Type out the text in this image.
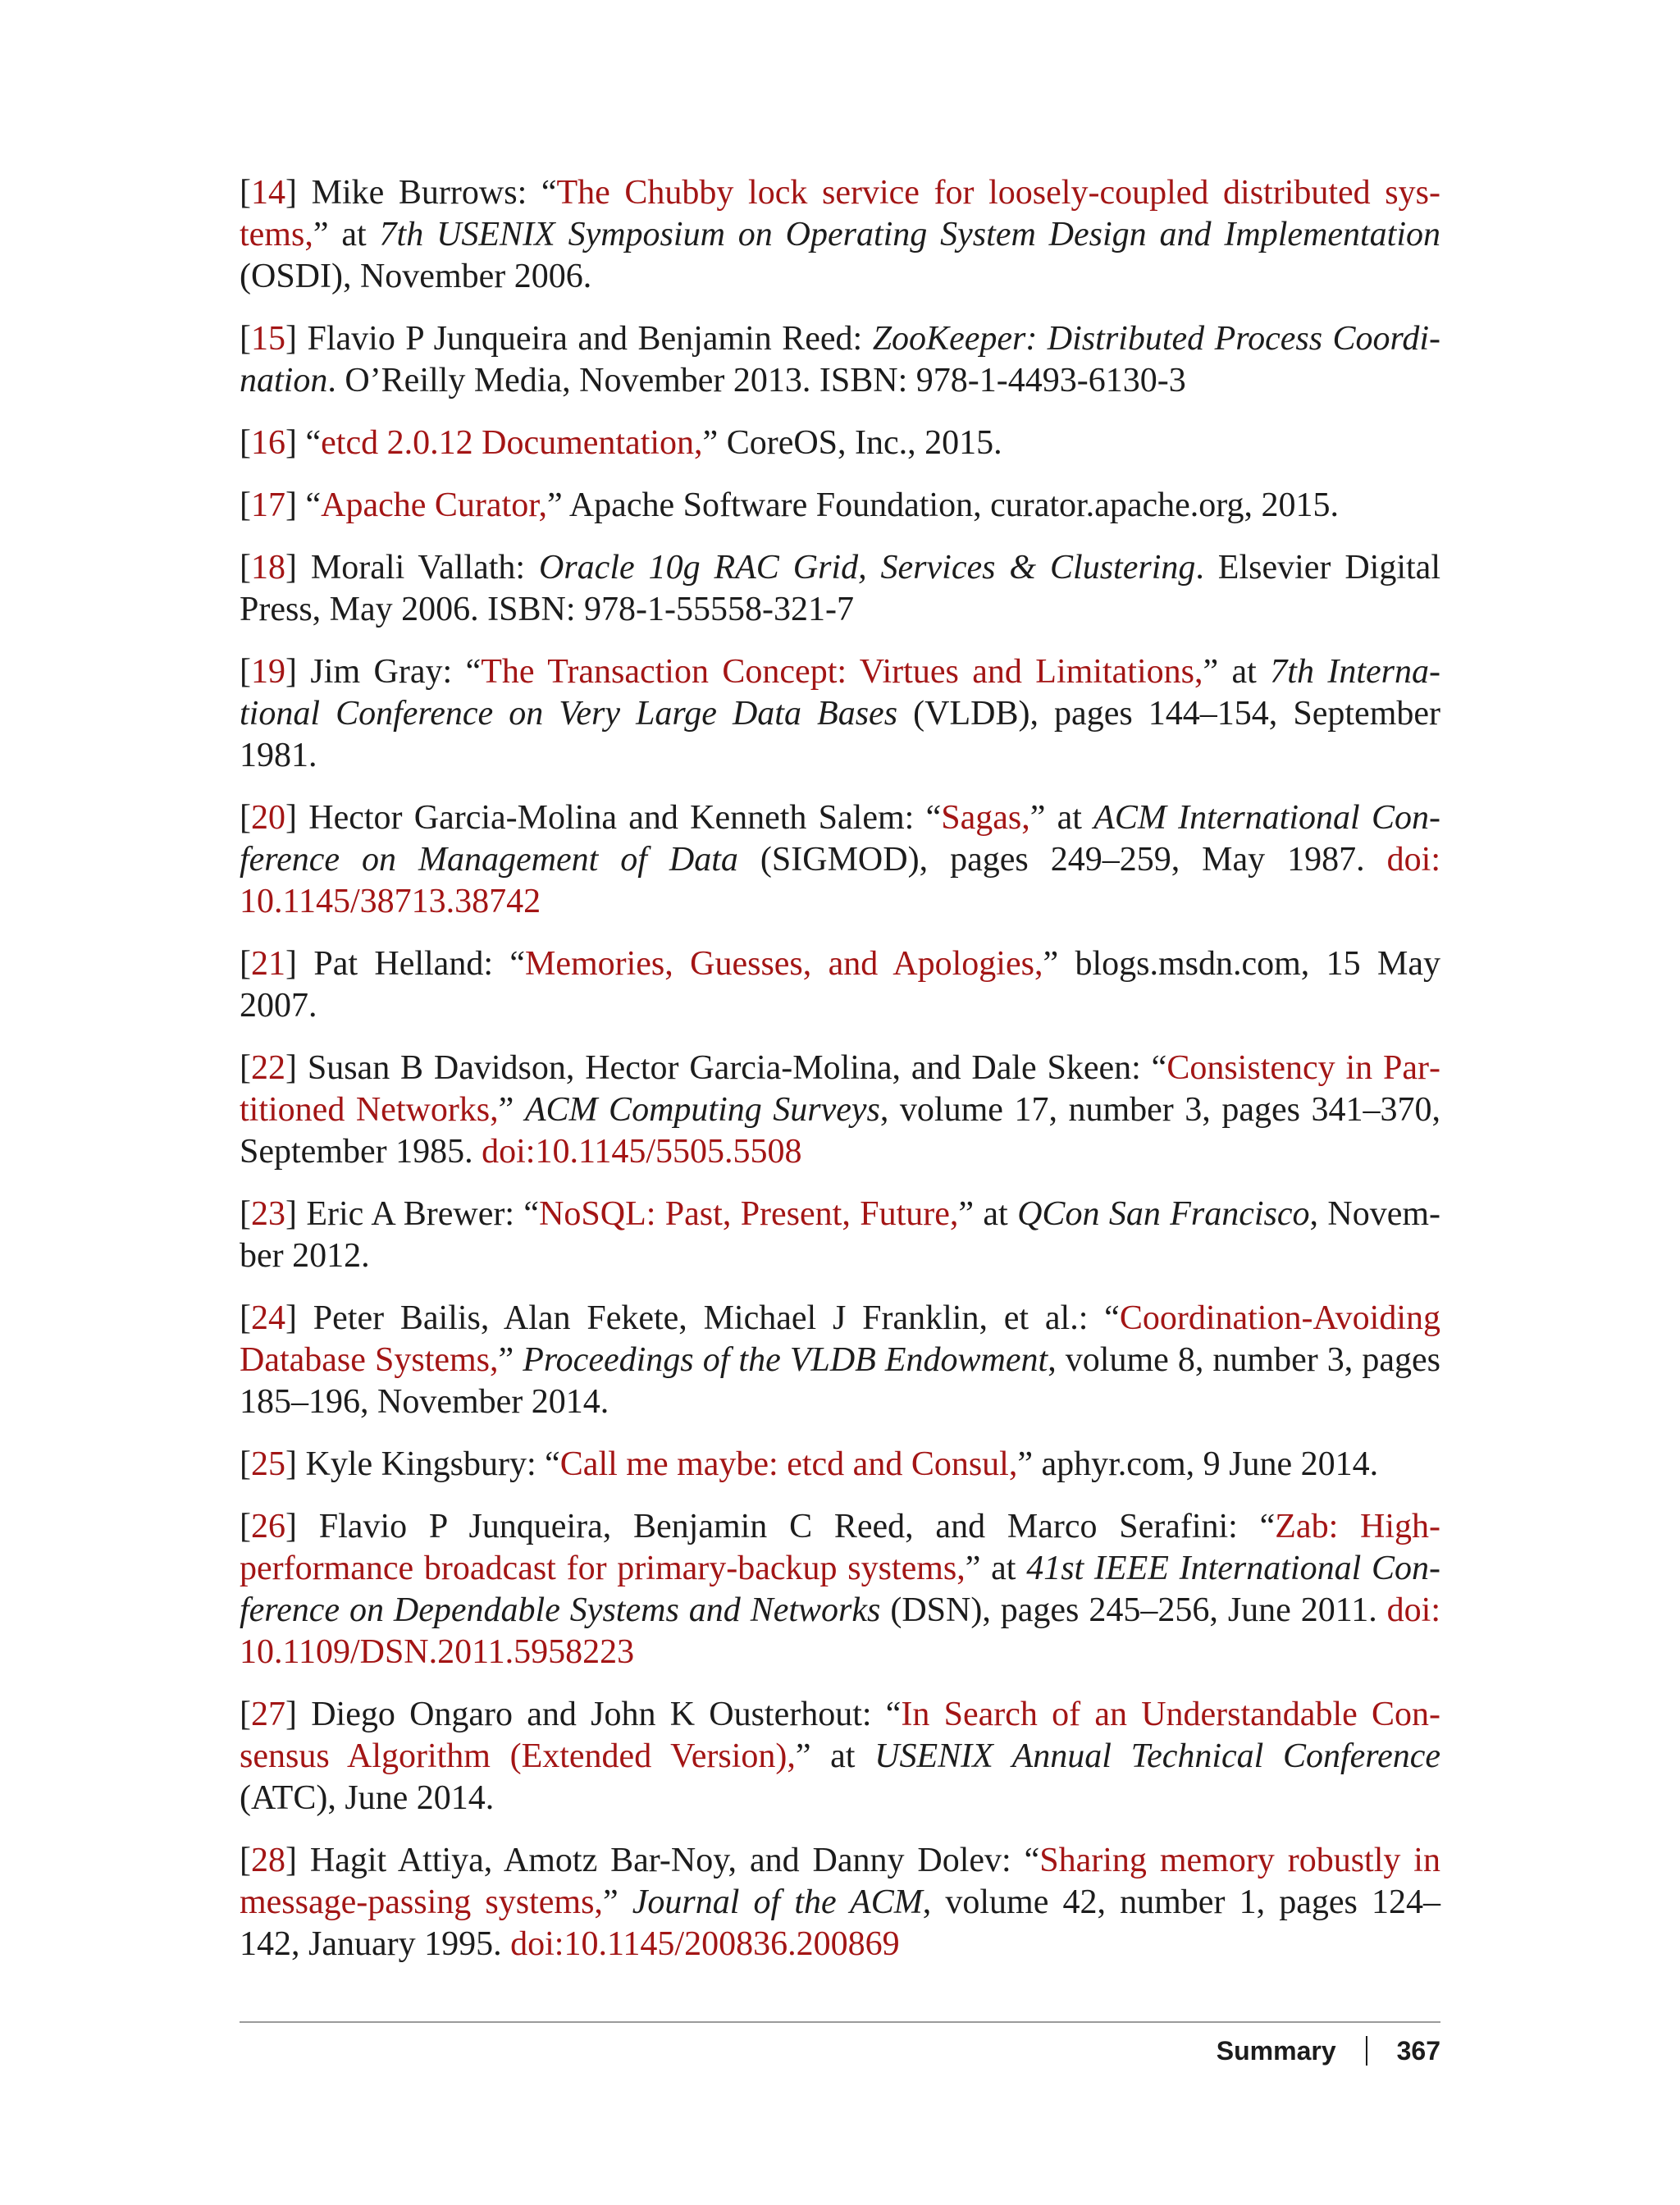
[14] Mike Burrows: “The Chubby lock service for loosely-coupled distributed systems,” at 7th USENIX Symposium on Operating System Design and Implementation (OSDI), November 2006.

[15] Flavio P Junqueira and Benjamin Reed: ZooKeeper: Distributed Process Coordination. O’Reilly Media, November 2013. ISBN: 978-1-4493-6130-3

[16] “etcd 2.0.12 Documentation,” CoreOS, Inc., 2015.

[17] “Apache Curator,” Apache Software Foundation, curator.apache.org, 2015.

[18] Morali Vallath: Oracle 10g RAC Grid, Services & Clustering. Elsevier Digital Press, May 2006. ISBN: 978-1-55558-321-7

[19] Jim Gray: “The Transaction Concept: Virtues and Limitations,” at 7th International Conference on Very Large Data Bases (VLDB), pages 144–154, September 1981.

[20] Hector Garcia-Molina and Kenneth Salem: “Sagas,” at ACM International Conference on Management of Data (SIGMOD), pages 249–259, May 1987. doi: 10.1145/38713.38742

[21] Pat Helland: “Memories, Guesses, and Apologies,” blogs.msdn.com, 15 May 2007.

[22] Susan B Davidson, Hector Garcia-Molina, and Dale Skeen: “Consistency in Partitioned Networks,” ACM Computing Surveys, volume 17, number 3, pages 341–370, September 1985. doi:10.1145/5505.5508

[23] Eric A Brewer: “NoSQL: Past, Present, Future,” at QCon San Francisco, November 2012.

[24] Peter Bailis, Alan Fekete, Michael J Franklin, et al.: “Coordination-Avoiding Database Systems,” Proceedings of the VLDB Endowment, volume 8, number 3, pages 185–196, November 2014.

[25] Kyle Kingsbury: “Call me maybe: etcd and Consul,” aphyr.com, 9 June 2014.

[26] Flavio P Junqueira, Benjamin C Reed, and Marco Serafini: “Zab: High-performance broadcast for primary-backup systems,” at 41st IEEE International Conference on Dependable Systems and Networks (DSN), pages 245–256, June 2011. doi: 10.1109/DSN.2011.5958223

[27] Diego Ongaro and John K Ousterhout: “In Search of an Understandable Consensus Algorithm (Extended Version),” at USENIX Annual Technical Conference (ATC), June 2014.

[28] Hagit Attiya, Amotz Bar-Noy, and Danny Dolev: “Sharing memory robustly in message-passing systems,” Journal of the ACM, volume 42, number 1, pages 124–142, January 1995. doi:10.1145/200836.200869

Summary 367
